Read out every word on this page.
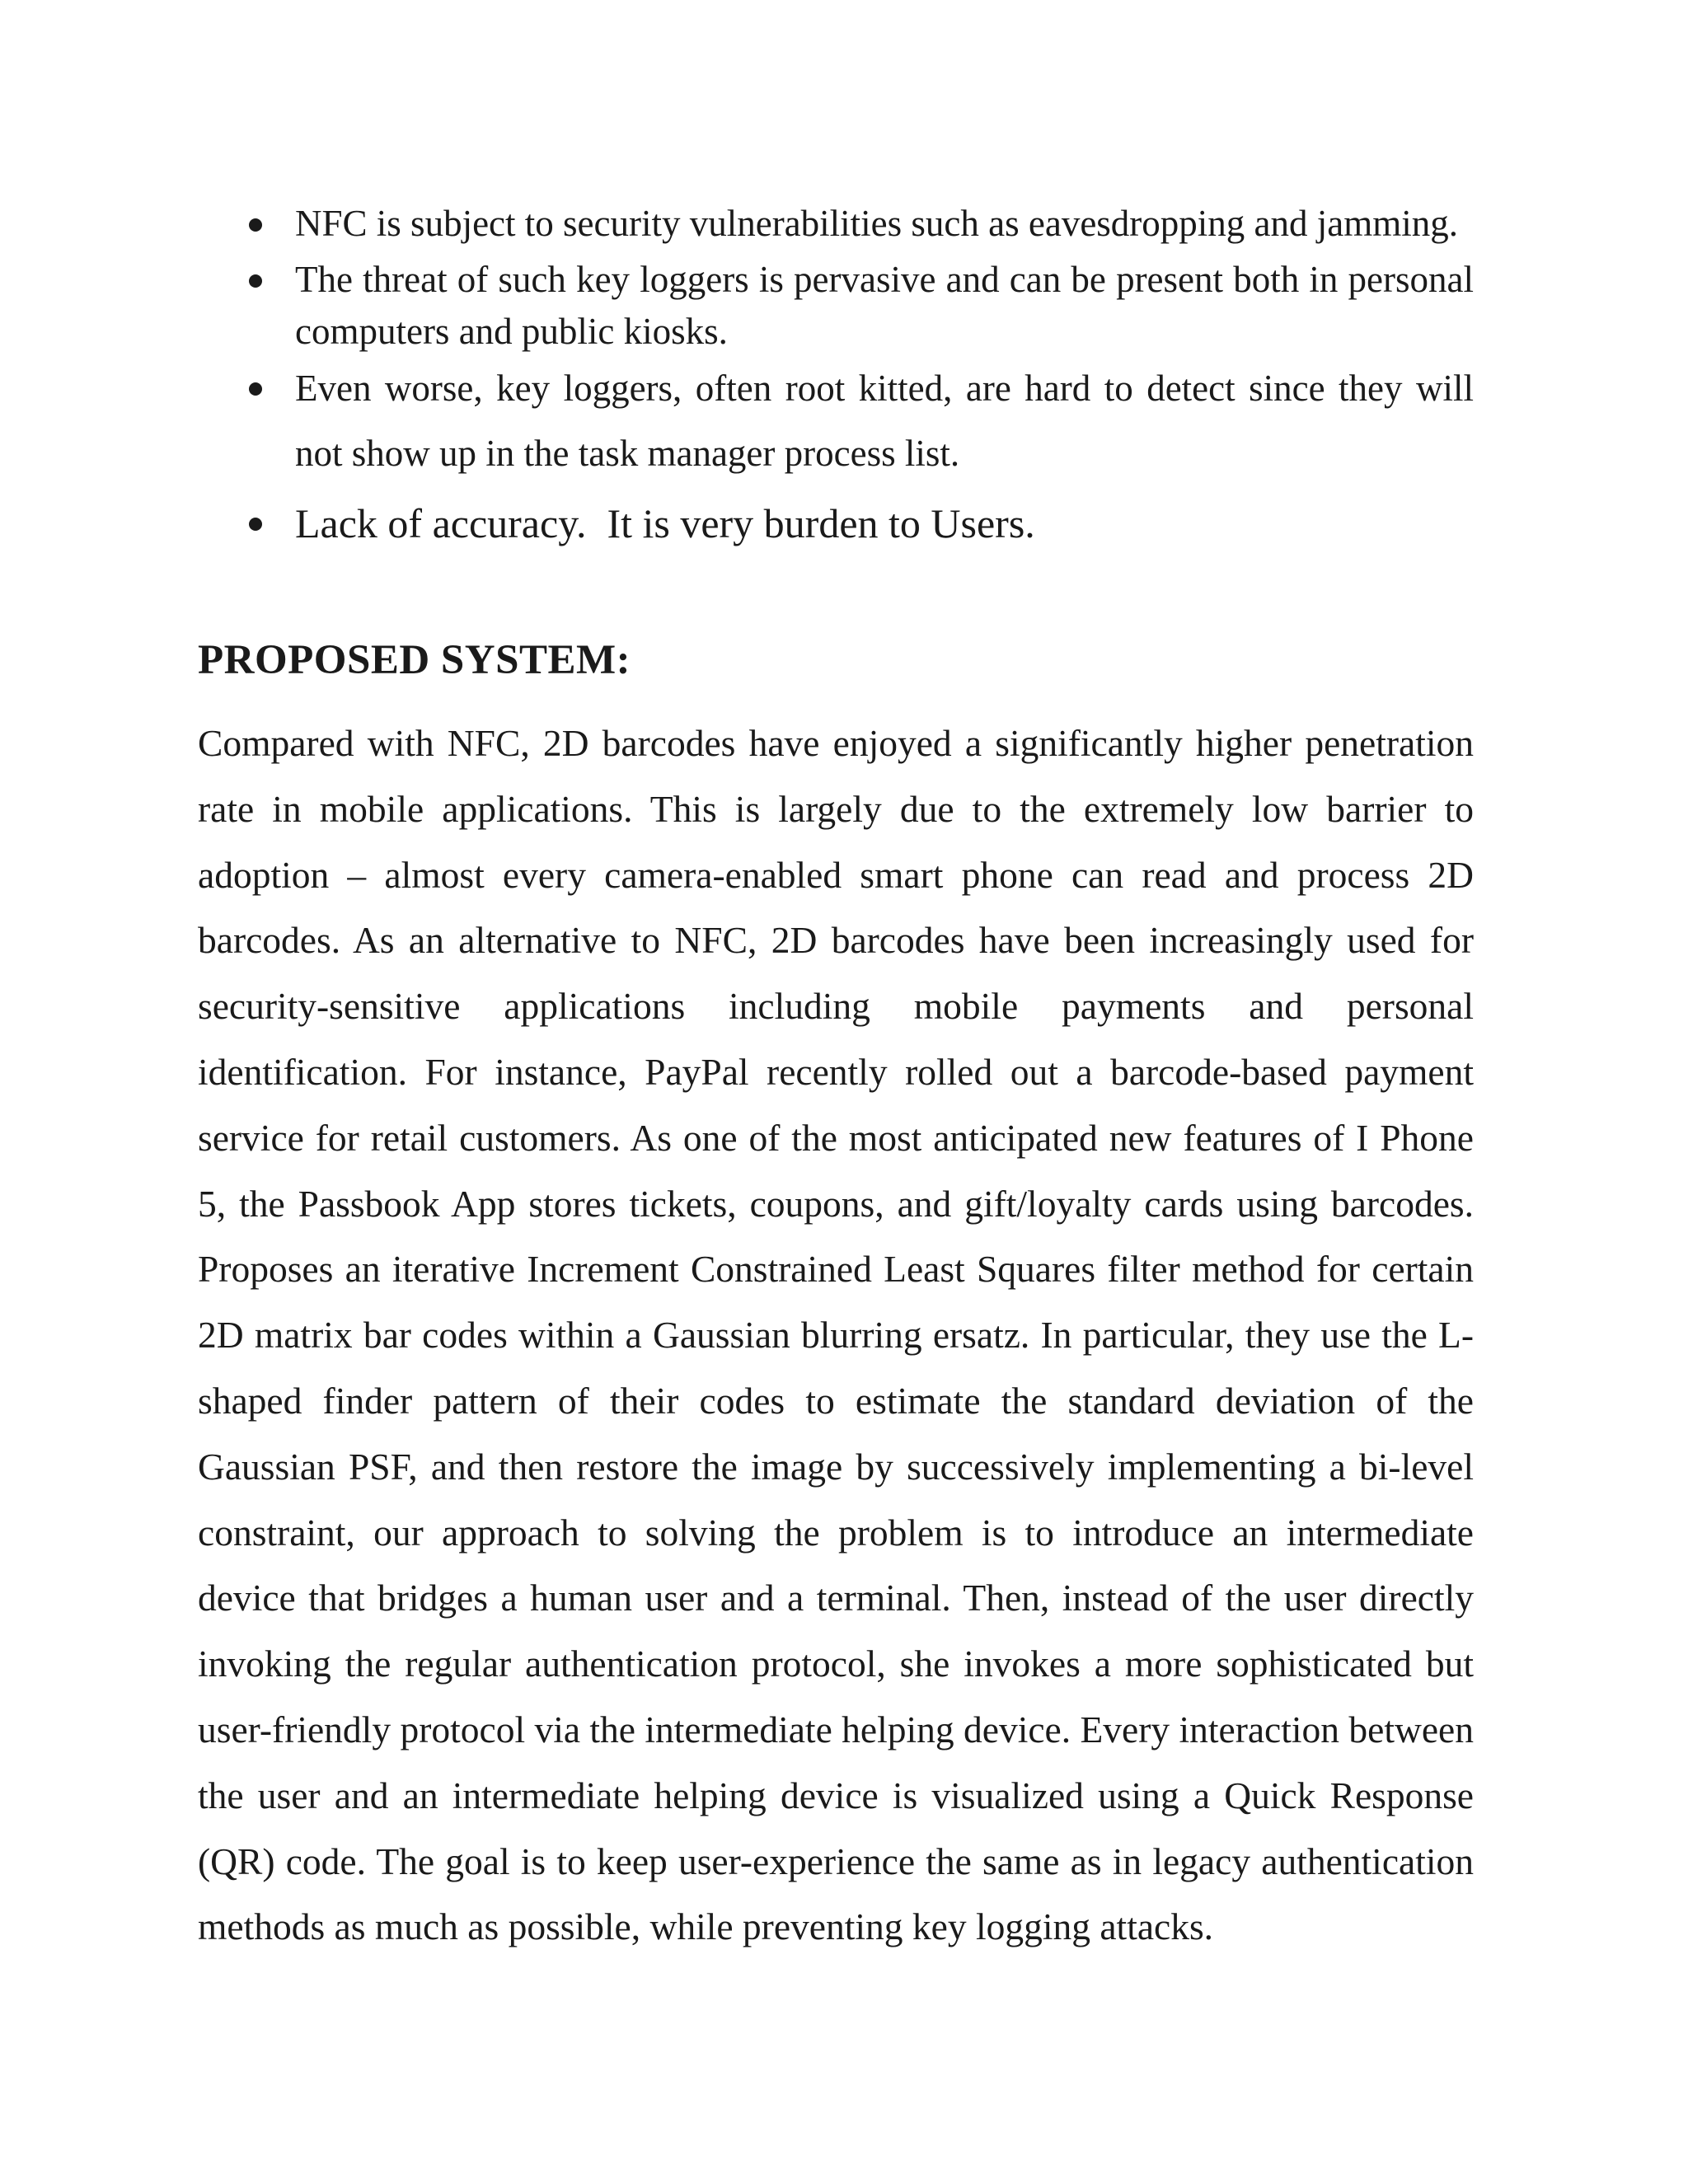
NFC is subject to security vulnerabilities such as eavesdropping and jamming.
The threat of such key loggers is pervasive and can be present both in personal computers and public kiosks.
Even worse, key loggers, often root kitted, are hard to detect since they will not show up in the task manager process list.
Lack of accuracy.  It is very burden to Users.
PROPOSED SYSTEM:

Compared with NFC, 2D barcodes have enjoyed a significantly higher penetration rate in mobile applications. This is largely due to the extremely low barrier to adoption – almost every camera-enabled smart phone can read and process 2D barcodes. As an alternative to NFC, 2D barcodes have been increasingly used for security-sensitive applications including mobile payments and personal identification. For instance, PayPal recently rolled out a barcode-based payment service for retail customers. As one of the most anticipated new features of I Phone 5, the Passbook App stores tickets, coupons, and gift/loyalty cards using barcodes. Proposes an iterative Increment Constrained Least Squares filter method for certain 2D matrix bar codes within a Gaussian blurring ersatz. In particular, they use the L-shaped finder pattern of their codes to estimate the standard deviation of the Gaussian PSF, and then restore the image by successively implementing a bi-level constraint, our approach to solving the problem is to introduce an intermediate device that bridges a human user and a terminal. Then, instead of the user directly invoking the regular authentication protocol, she invokes a more sophisticated but user-friendly protocol via the intermediate helping device. Every interaction between the user and an intermediate helping device is visualized using a Quick Response (QR) code. The goal is to keep user-experience the same as in legacy authentication methods as much as possible, while preventing key logging attacks.
